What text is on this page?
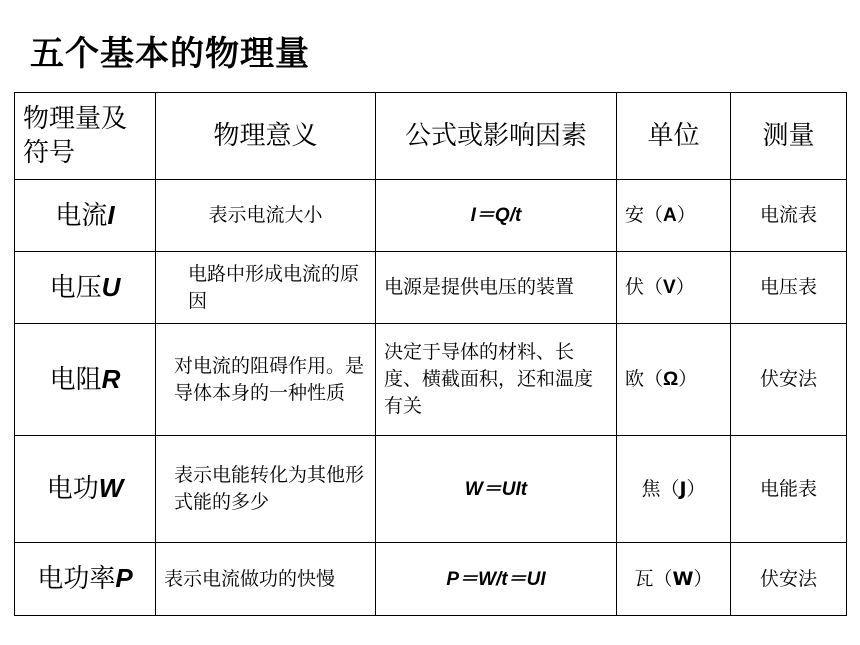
五个基本的物理量
物理量及符号	物理意义	公式或影响因素	单位	测量
电流I	表示电流大小	I＝Q/t	安（A）	电流表
电压U	电路中形成电流的原因	电源是提供电压的装置	伏（V）	电压表
电阻R	对电流的阻碍作用。是导体本身的一种性质	决定于导体的材料、长度、横截面积，还和温度有关	欧（Ω）	伏安法
电功W	表示电能转化为其他形式能的多少	W＝UIt	焦（J）	电能表
电功率P	表示电流做功的快慢	P＝W/t＝UI	瓦（W）	伏安法
